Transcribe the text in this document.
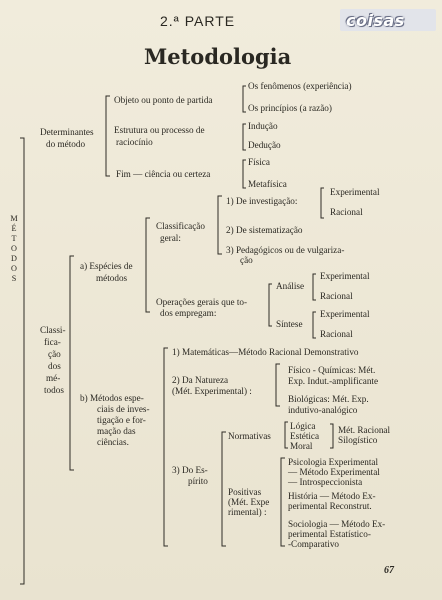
coisas
2.ª PARTE
Metodologia
M
É
T
O
D
O
S
Determinantes
do método
Objeto ou ponto de partida
Os fenômenos (experiência)
Os princípios (a razão)
Estrutura ou processo de
raciocínio
Indução
Dedução
Fim — ciência ou certeza
Física
Metafísica
Classi-
fica-
ção
dos
mé-
todos
a) Espécies de
métodos
Classificação
geral:
1) De investigação:
Experimental
Racional
2) De sistematização
3) Pedagógicos ou de vulgariza-
ção
Operações gerais que to-
dos empregam:
Análise
Experimental
Racional
Síntese
Experimental
Racional
b) Métodos espe-
ciais de inves-
tigação e for-
mação das
ciências.
1) Matemáticas—Método Racional Demonstrativo
2) Da Natureza
(Mét. Experimental) :
Físico - Químicas: Mét.
Exp. Indut.-amplificante
Biológicas: Mét. Exp.
indutivo-analógico
3) Do Es-
pírito
Normativas
Lógica
Estética
Moral
Mét. Racional
Silogístico
Positivas
(Mét. Expe
rimental) :
Psicologia Experimental
— Método Experimental
— Introspeccionista
História — Método Ex-
perimental Reconstrut.
Sociologia — Método Ex-
perimental Estatístico-
-Comparativo
67
